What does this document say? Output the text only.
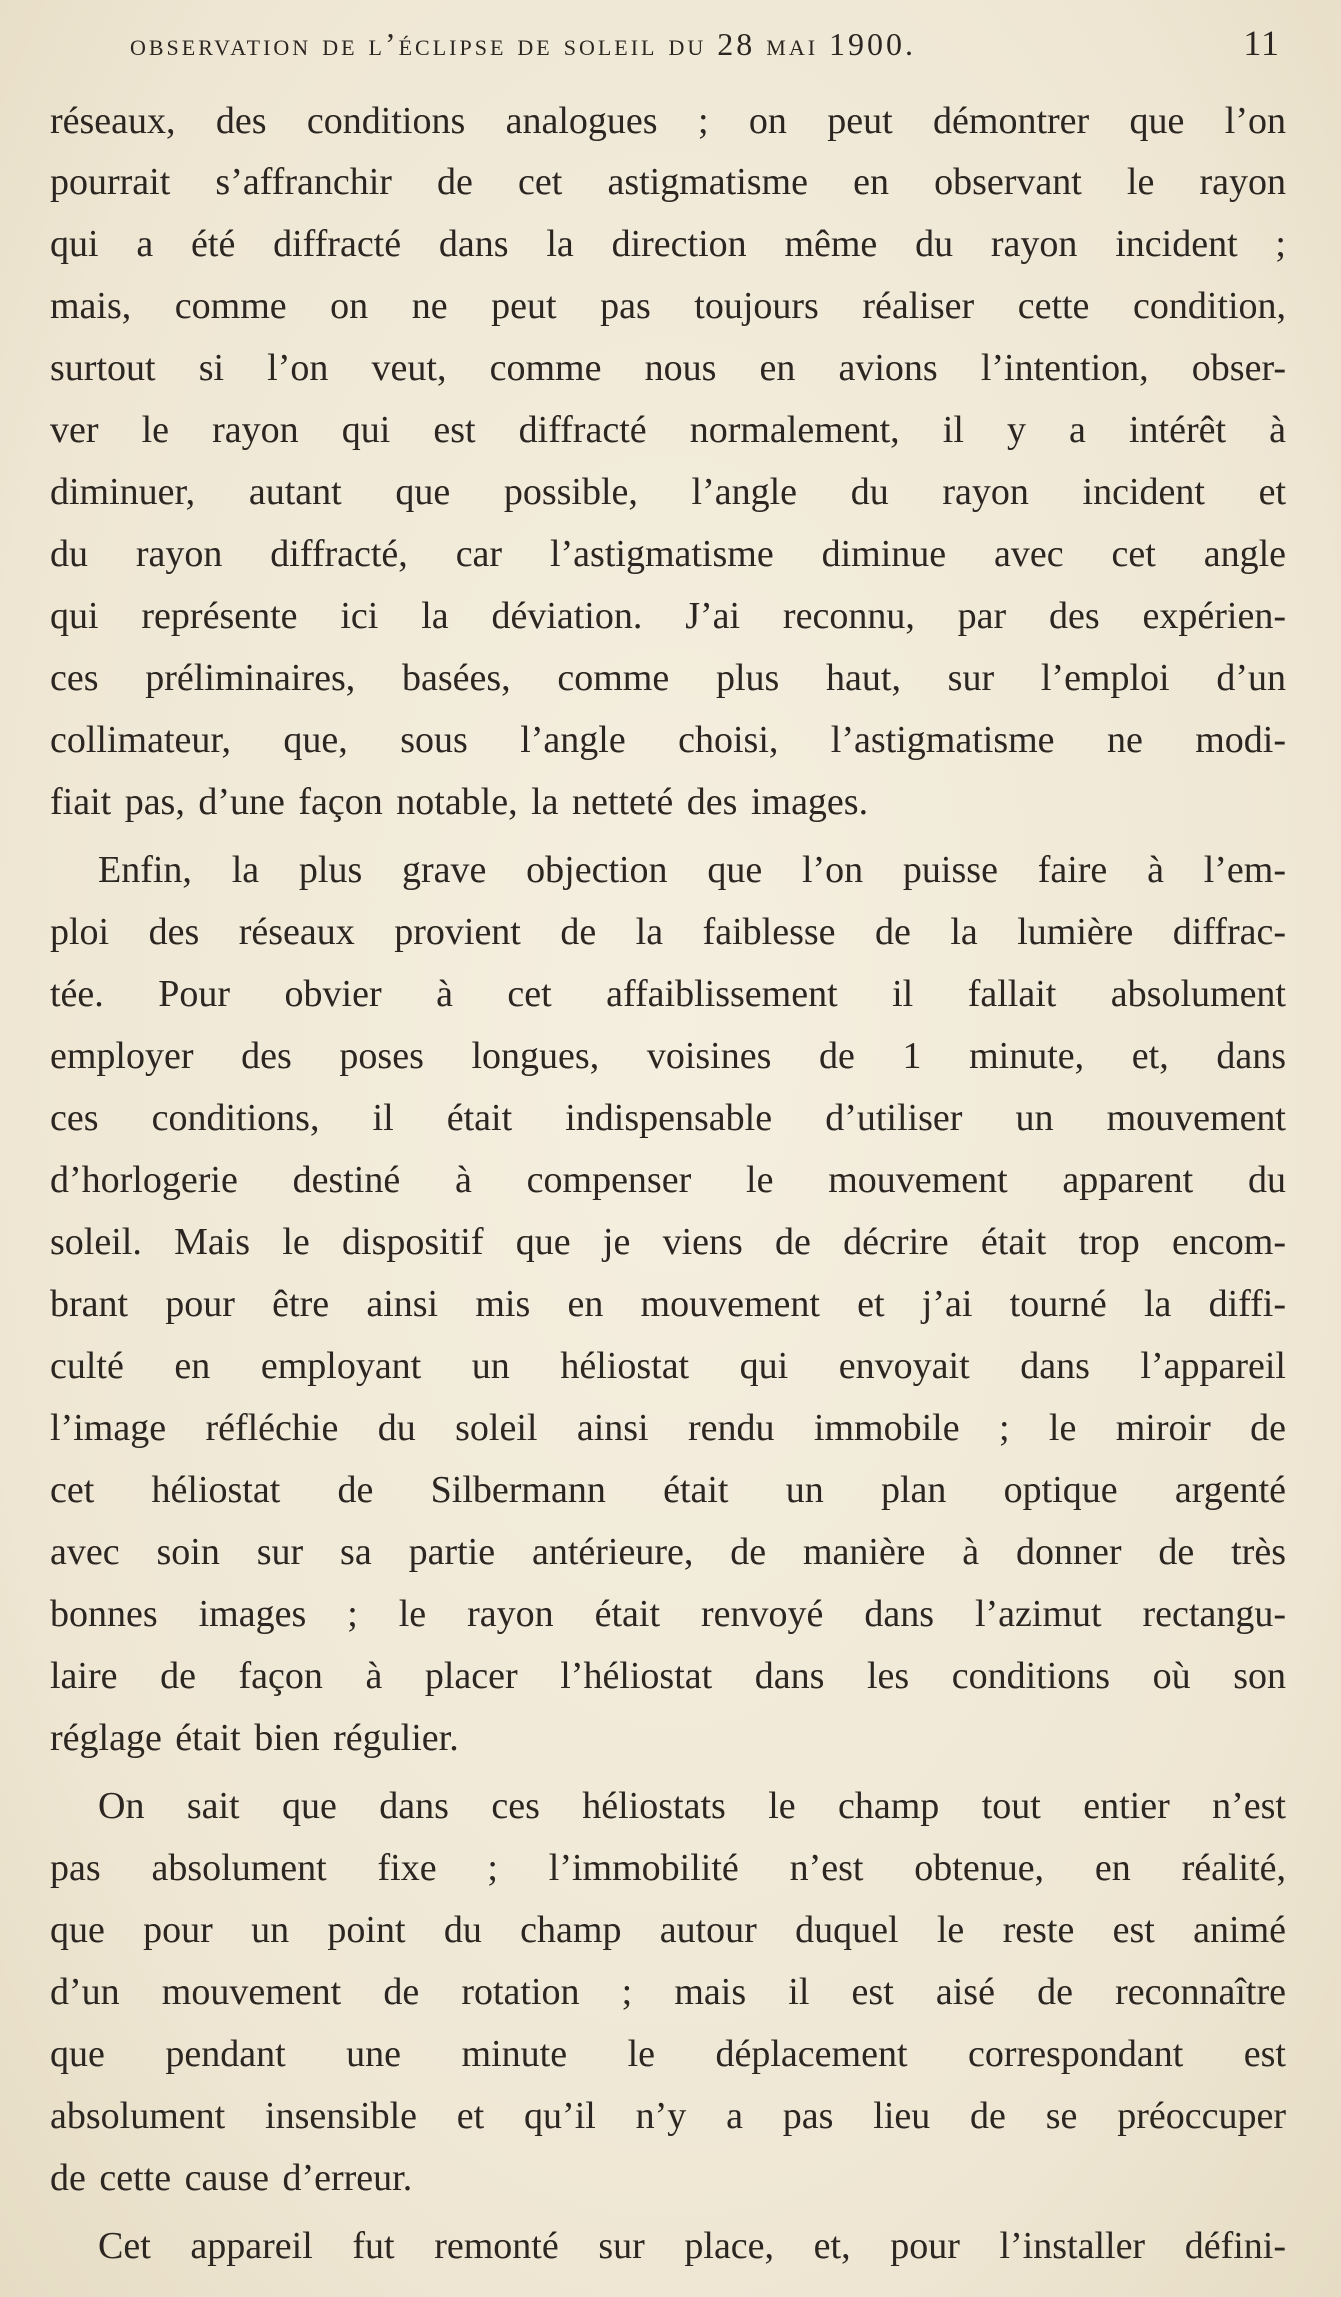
observation de l’éclipse de soleil du 28 mai 1900.	11
réseaux, des conditions analogues ; on peut démontrer que l’on
pourrait s’affranchir de cet astigmatisme en observant le rayon
qui a été diffracté dans la direction même du rayon incident ;
mais, comme on ne peut pas toujours réaliser cette condition,
surtout si l’on veut, comme nous en avions l’intention, obser-
ver le rayon qui est diffracté normalement, il y a intérêt à
diminuer, autant que possible, l’angle du rayon incident et
du rayon diffracté, car l’astigmatisme diminue avec cet angle
qui représente ici la déviation. J’ai reconnu, par des expérien-
ces préliminaires, basées, comme plus haut, sur l’emploi d’un
collimateur, que, sous l’angle choisi, l’astigmatisme ne modi-
fiait pas, d’une façon notable, la netteté des images.
Enfin, la plus grave objection que l’on puisse faire à l’em-
ploi des réseaux provient de la faiblesse de la lumière diffrac-
tée. Pour obvier à cet affaiblissement il fallait absolument
employer des poses longues, voisines de 1 minute, et, dans
ces conditions, il était indispensable d’utiliser un mouvement
d’horlogerie destiné à compenser le mouvement apparent du
soleil. Mais le dispositif que je viens de décrire était trop encom-
brant pour être ainsi mis en mouvement et j’ai tourné la diffi-
culté en employant un héliostat qui envoyait dans l’appareil
l’image réfléchie du soleil ainsi rendu immobile ; le miroir de
cet héliostat de Silbermann était un plan optique argenté
avec soin sur sa partie antérieure, de manière à donner de très
bonnes images ; le rayon était renvoyé dans l’azimut rectangu-
laire de façon à placer l’héliostat dans les conditions où son
réglage était bien régulier.
On sait que dans ces héliostats le champ tout entier n’est
pas absolument fixe ; l’immobilité n’est obtenue, en réalité,
que pour un point du champ autour duquel le reste est animé
d’un mouvement de rotation ; mais il est aisé de reconnaître
que pendant une minute le déplacement correspondant est
absolument insensible et qu’il n’y a pas lieu de se préoccuper
de cette cause d’erreur.
Cet appareil fut remonté sur place, et, pour l’installer défini-
